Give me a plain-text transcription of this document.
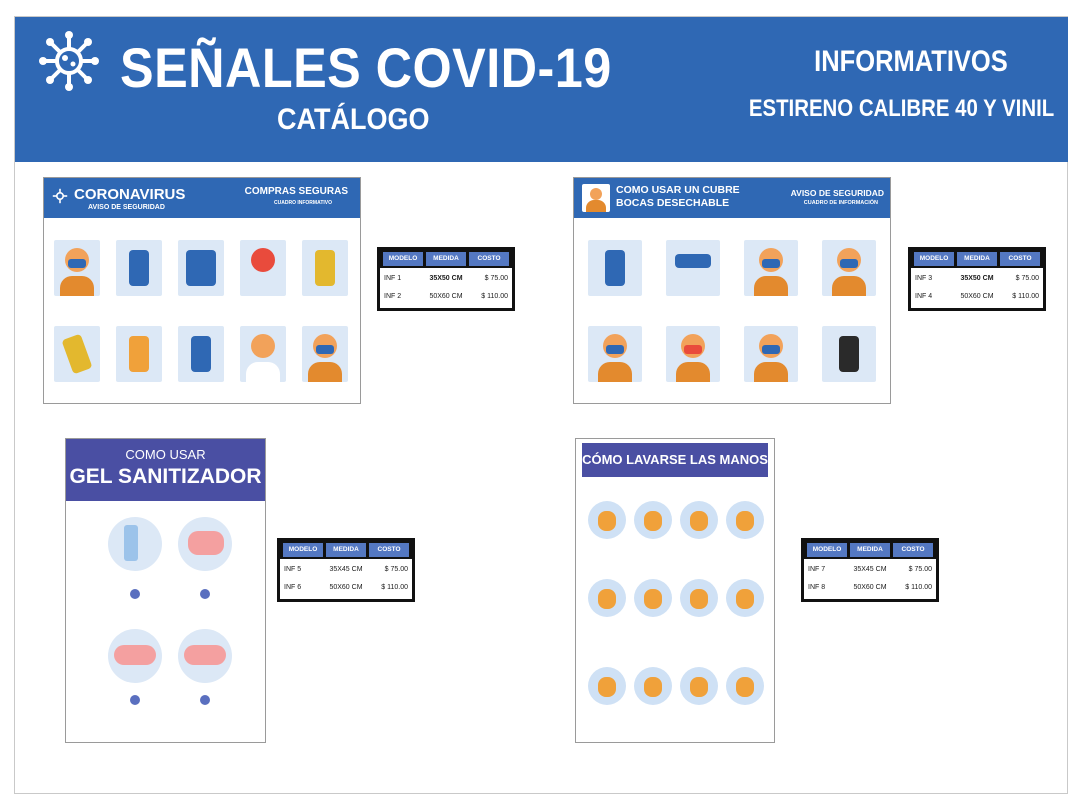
SEÑALES COVID-19
CATÁLOGO
INFORMATIVOS
ESTIRENO CALIBRE 40 Y VINIL
CORONAVIRUS
AVISO DE SEGURIDAD
COMPRAS SEGURAS
CUADRO INFORMATIVO
MODELO	MEDIDA	COSTO
INF 1	35X50 CM	$ 75.00
INF 2	50X60 CM	$ 110.00
COMO USAR UN CUBRE BOCAS DESECHABLE
AVISO DE SEGURIDAD
CUADRO DE INFORMACIÓN
MODELO	MEDIDA	COSTO
INF 3	35X50 CM	$ 75.00
INF 4	50X60 CM	$ 110.00
COMO USAR
GEL SANITIZADOR
MODELO	MEDIDA	COSTO
INF 5	35X45 CM	$ 75.00
INF 6	50X60 CM	$ 110.00
CÓMO LAVARSE LAS MANOS
MODELO	MEDIDA	COSTO
INF 7	35X45 CM	$ 75.00
INF 8	50X60 CM	$ 110.00
